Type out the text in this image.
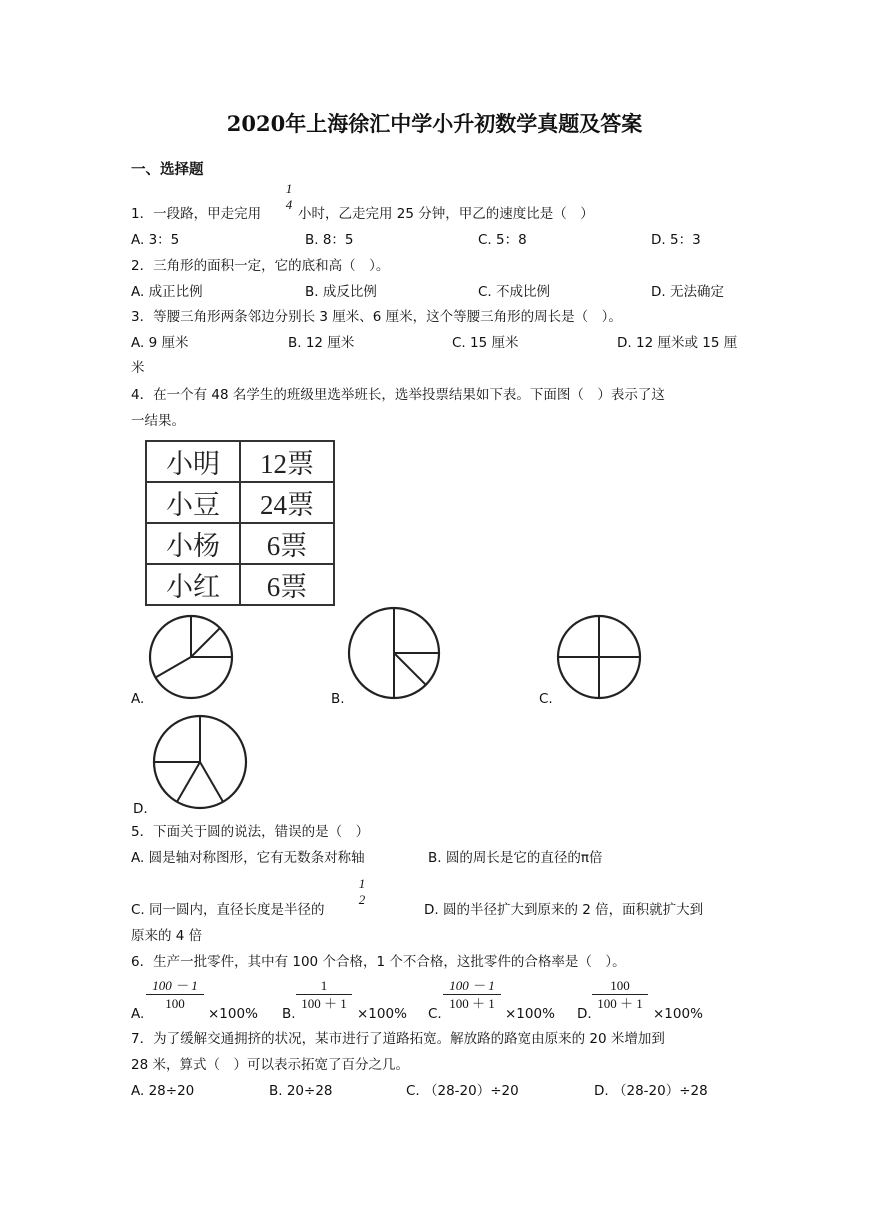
2020年上海徐汇中学小升初数学真题及答案
一、选择题
1．一段路，甲走完用
1
4
小时，乙走完用 25 分钟，甲乙的速度比是（　）
A. 3：5	B. 8：5	C. 5：8	D. 5：3
2．三角形的面积一定，它的底和高（　）。
A. 成正比例	B. 成反比例	C. 不成比例	D. 无法确定
3．等腰三角形两条邻边分别长 3 厘米、6 厘米，这个等腰三角形的周长是（　）。
A. 9 厘米	B. 12 厘米	C. 15 厘米	D. 12 厘米或 15 厘
米
4．在一个有 48 名学生的班级里选举班长，选举投票结果如下表。下面图（　）表示了这
一结果。
小明	12票
小豆	24票
小杨	6票
小红	6票
A.	B.	C.
D.
5．下面关于圆的说法，错误的是（　）
A. 圆是轴对称图形，它有无数条对称轴	B. 圆的周长是它的直径的π倍
C. 同一圆内，直径长度是半径的
1
2
D. 圆的半径扩大到原来的 2 倍，面积就扩大到
原来的 4 倍
6．生产一批零件，其中有 100 个合格，1 个不合格，这批零件的合格率是（　）。
A.
100 － 1
100
×100% B.
1
100 ＋ 1
×100% C.
100 － 1
100 ＋ 1
×100% D.
100
100 ＋ 1
×100%
7．为了缓解交通拥挤的状况，某市进行了道路拓宽。解放路的路宽由原来的 20 米增加到
28 米，算式（　）可以表示拓宽了百分之几。
A. 28÷20	B. 20÷28	C. （28-20）÷20	D. （28-20）÷28
